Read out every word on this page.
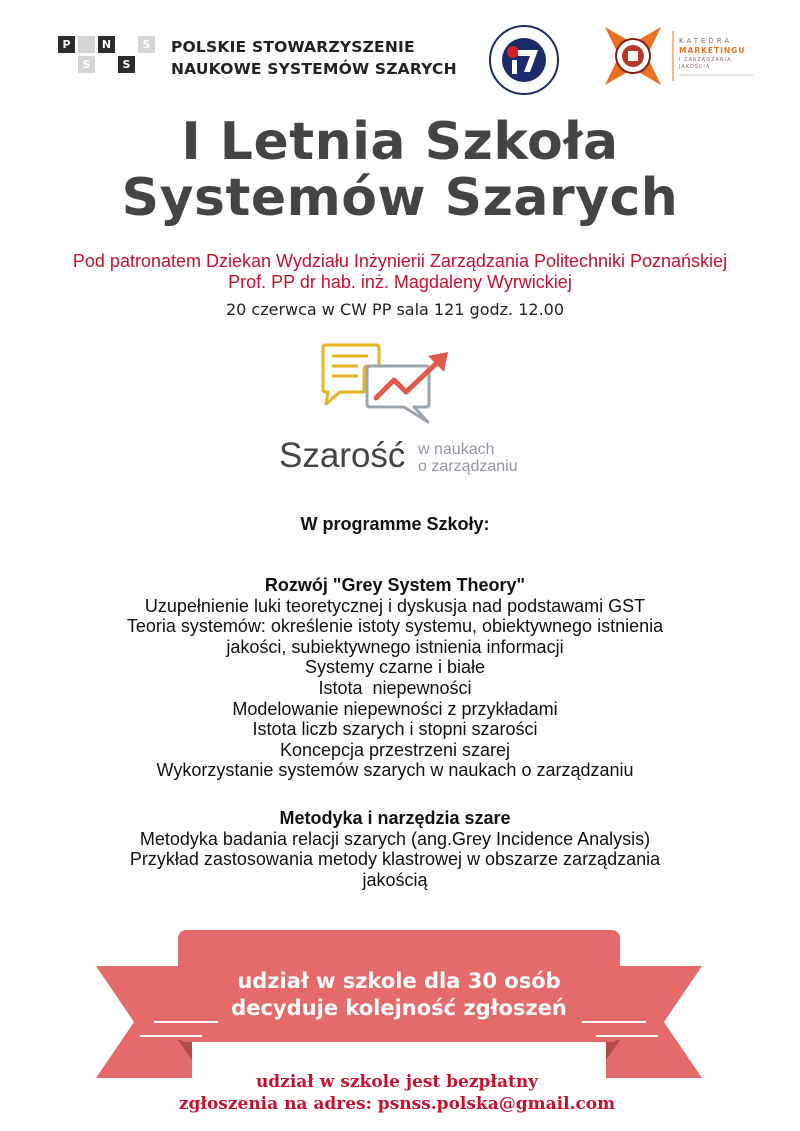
P	N	S
S	S
POLSKIE STOWARZYSZENIE
NAUKOWE SYSTEMÓW SZARYCH
KATEDRA
MARKETINGU
I ZARZĄDZANIA
JAKOŚCIĄ
I Letnia Szkoła
Systemów Szarych
Pod patronatem Dziekan Wydziału Inżynierii Zarządzania Politechniki Poznańskiej
Prof. PP dr hab. inż. Magdaleny Wyrwickiej
20 czerwca w CW PP sala 121 godz. 12.00
Szarość w naukach
o zarządzaniu
W programme Szkoły:
Rozwój "Grey System Theory"
Uzupełnienie luki teoretycznej i dyskusja nad podstawami GST
Teoria systemów: określenie istoty systemu, obiektywnego istnienia
jakości, subiektywnego istnienia informacji
Systemy czarne i białe
Istota  niepewności
Modelowanie niepewności z przykładami
Istota liczb szarych i stopni szarości
Koncepcja przestrzeni szarej
Wykorzystanie systemów szarych w naukach o zarządzaniu
Metodyka i narzędzia szare
Metodyka badania relacji szarych (ang.Grey Incidence Analysis)
Przykład zastosowania metody klastrowej w obszarze zarządzania
jakością
udział w szkole dla 30 osób
decyduje kolejność zgłoszeń
udział w szkole jest bezpłatny
zgłoszenia na adres: psnss.polska@gmail.com
